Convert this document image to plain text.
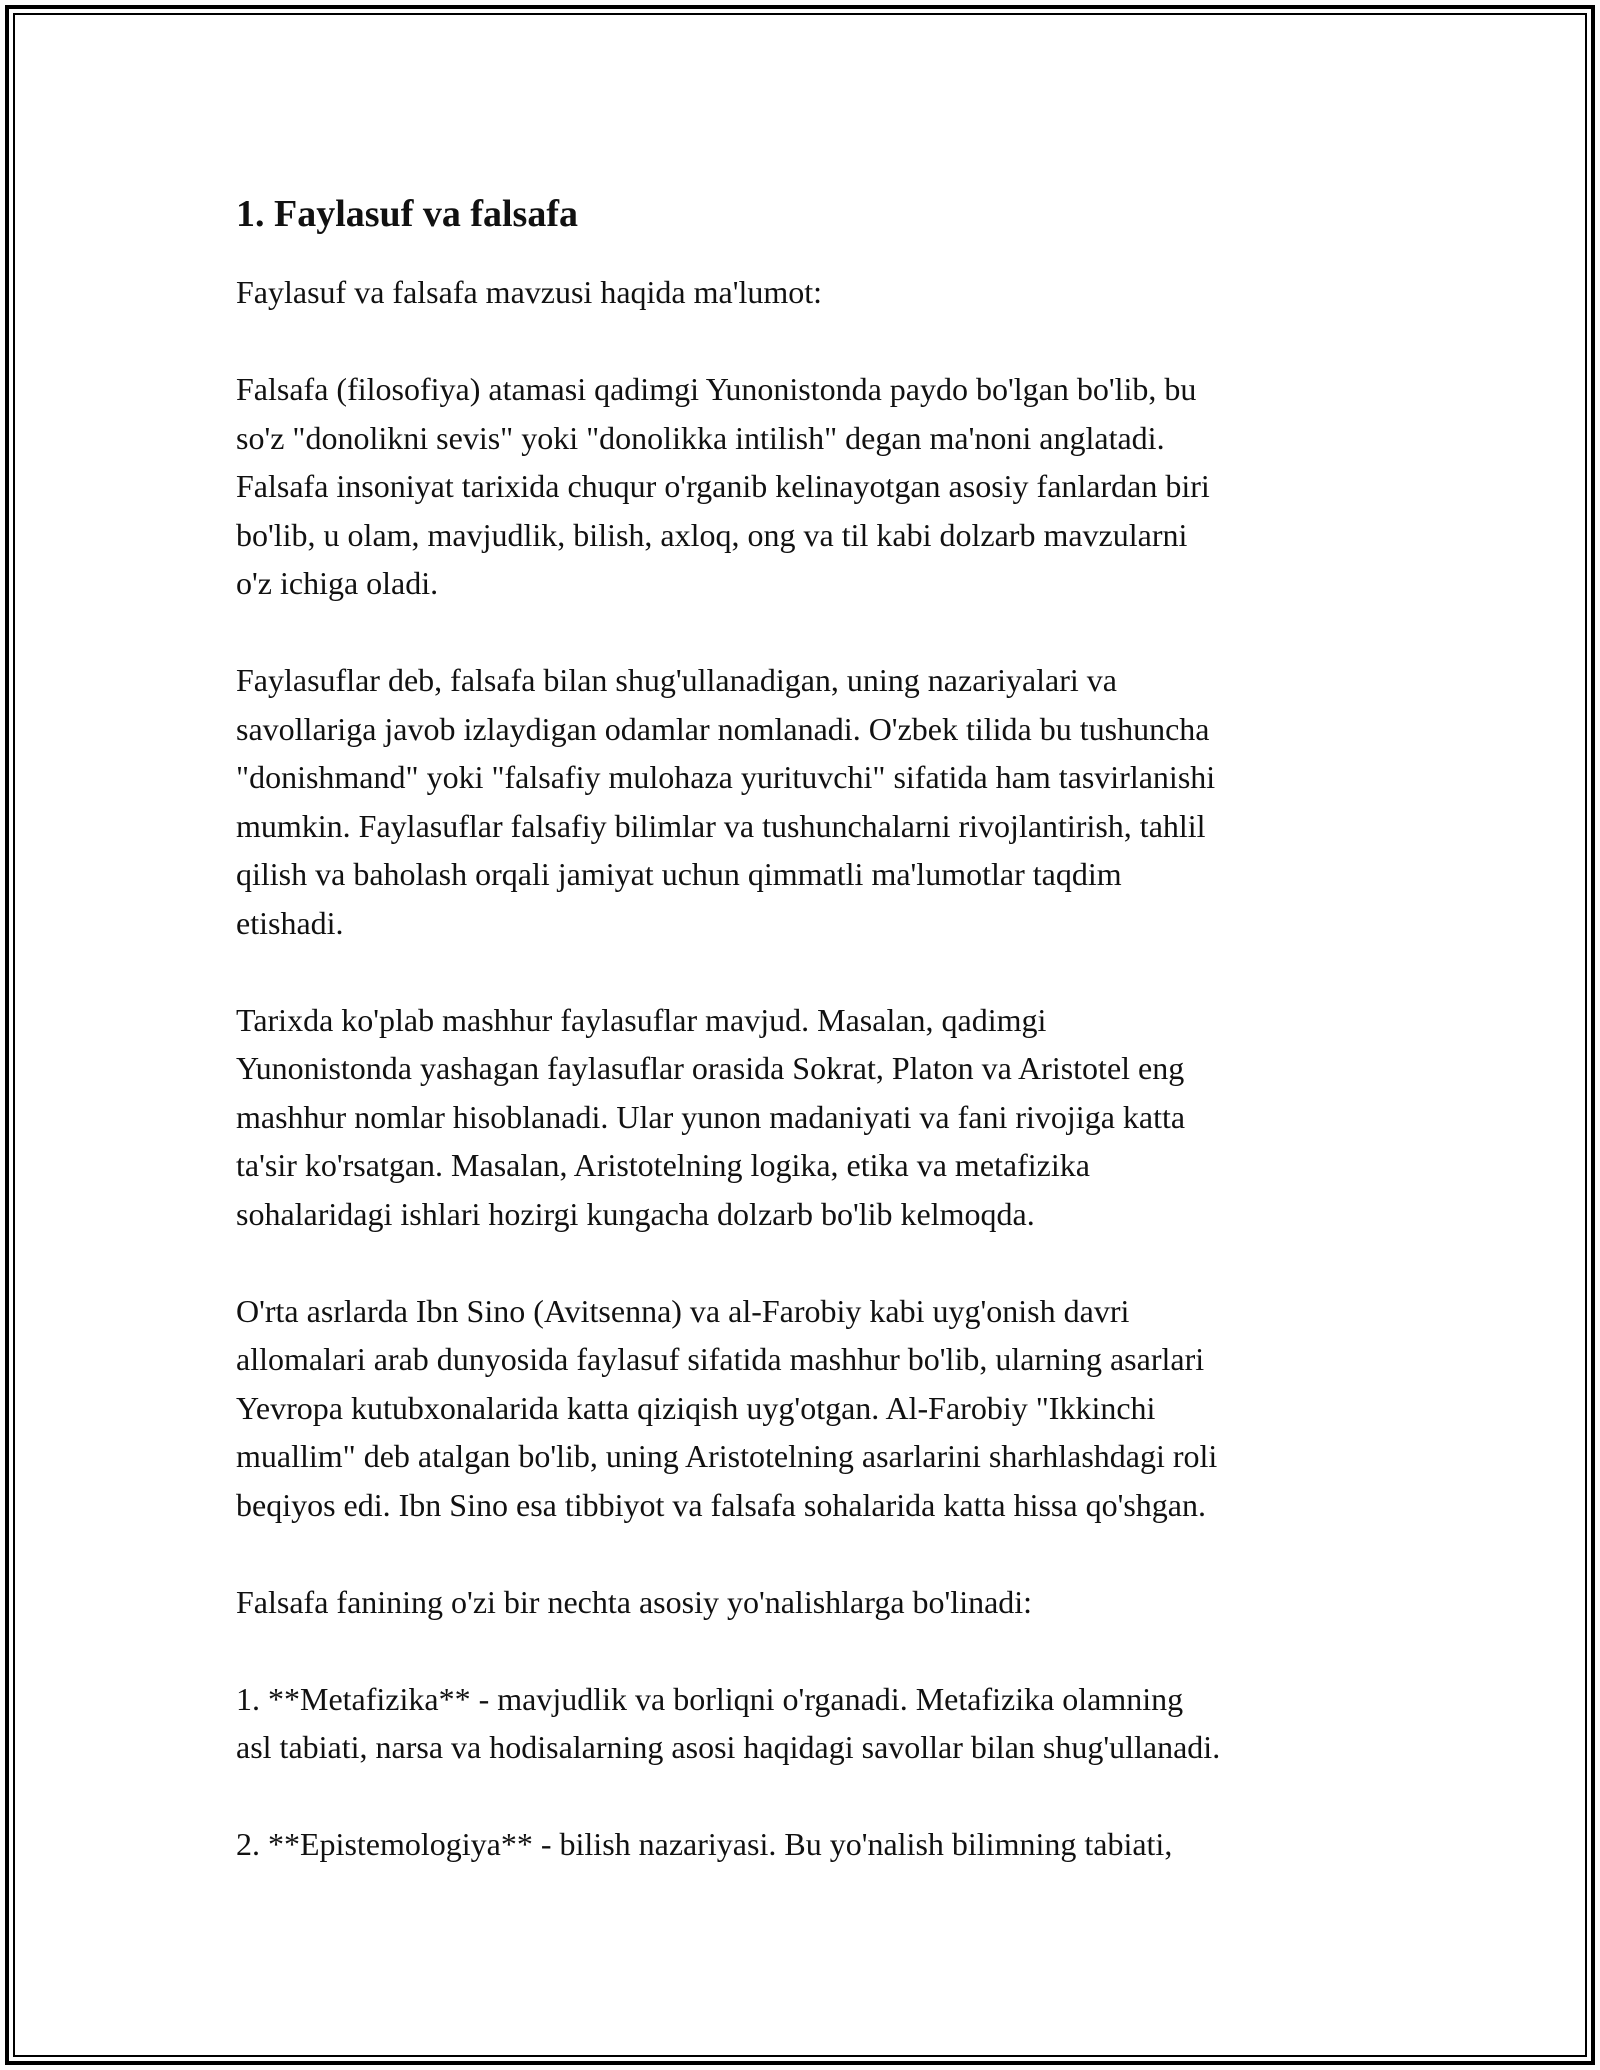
1. Faylasuf va falsafa
Faylasuf va falsafa mavzusi haqida ma'lumot:
Falsafa (filosofiya) atamasi qadimgi Yunonistonda paydo bo'lgan bo'lib, bu
so'z "donolikni sevis" yoki "donolikka intilish" degan ma'noni anglatadi.
Falsafa insoniyat tarixida chuqur o'rganib kelinayotgan asosiy fanlardan biri
bo'lib, u olam, mavjudlik, bilish, axloq, ong va til kabi dolzarb mavzularni
o'z ichiga oladi.
Faylasuflar deb, falsafa bilan shug'ullanadigan, uning nazariyalari va
savollariga javob izlaydigan odamlar nomlanadi. O'zbek tilida bu tushuncha
"donishmand" yoki "falsafiy mulohaza yurituvchi" sifatida ham tasvirlanishi
mumkin. Faylasuflar falsafiy bilimlar va tushunchalarni rivojlantirish, tahlil
qilish va baholash orqali jamiyat uchun qimmatli ma'lumotlar taqdim
etishadi.
Tarixda ko'plab mashhur faylasuflar mavjud. Masalan, qadimgi
Yunonistonda yashagan faylasuflar orasida Sokrat, Platon va Aristotel eng
mashhur nomlar hisoblanadi. Ular yunon madaniyati va fani rivojiga katta
ta'sir ko'rsatgan. Masalan, Aristotelning logika, etika va metafizika
sohalaridagi ishlari hozirgi kungacha dolzarb bo'lib kelmoqda.
O'rta asrlarda Ibn Sino (Avitsenna) va al-Farobiy kabi uyg'onish davri
allomalari arab dunyosida faylasuf sifatida mashhur bo'lib, ularning asarlari
Yevropa kutubxonalarida katta qiziqish uyg'otgan. Al-Farobiy "Ikkinchi
muallim" deb atalgan bo'lib, uning Aristotelning asarlarini sharhlashdagi roli
beqiyos edi. Ibn Sino esa tibbiyot va falsafa sohalarida katta hissa qo'shgan.
Falsafa fanining o'zi bir nechta asosiy yo'nalishlarga bo'linadi:
1. **Metafizika** - mavjudlik va borliqni o'rganadi. Metafizika olamning
asl tabiati, narsa va hodisalarning asosi haqidagi savollar bilan shug'ullanadi.
2. **Epistemologiya** - bilish nazariyasi. Bu yo'nalish bilimning tabiati,
